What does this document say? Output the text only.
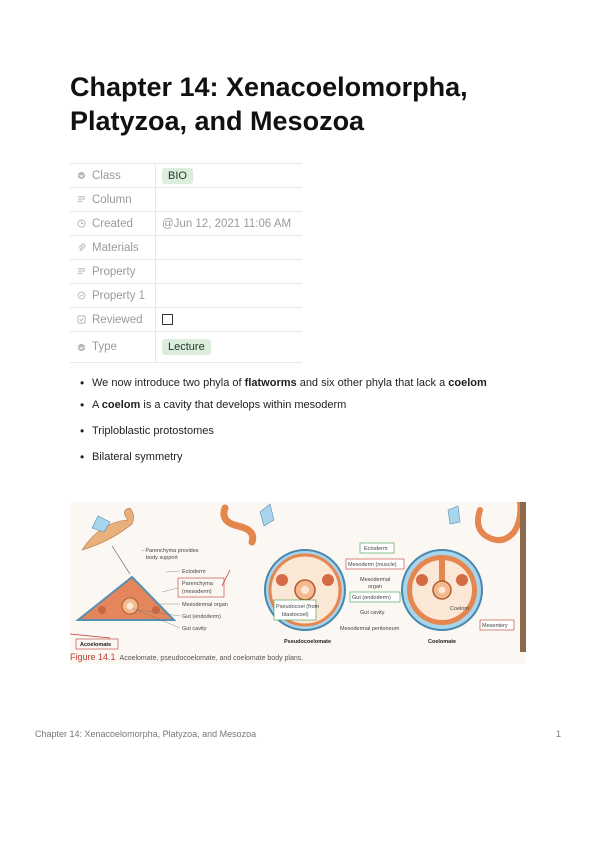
Chapter 14: Xenacoelomorpha, Platyzoa, and Mesozoa
Class	BIO
Column
Created	@Jun 12, 2021 11:06 AM
Materials
Property
Property 1
Reviewed
Type	Lecture
• We now introduce two phyla of flatworms and six other phyla that lack a coelom
• A coelom is a cavity that develops within mesoderm
• Triploblastic protostomes
• Bilateral symmetry
- Parenchyma provides
body support
Ectoderm
Parenchyma
(mesoderm)
Mesodermal organ
Gut (endoderm)
Gut cavity
Acoelomate
Ectoderm
Mesoderm (muscle)
Mesodermal
organ
Gut (endoderm)
Gut cavity
Pseudocoel (from
blastocoel)
Mesodermal peritoneum
Coelom
Mesentery
Pseudocoelomate	Coelomate
Figure 14.1 Acoelomate, pseudocoelomate, and coelomate body plans.
Chapter 14: Xenacoelomorpha, Platyzoa, and Mesozoa	1
